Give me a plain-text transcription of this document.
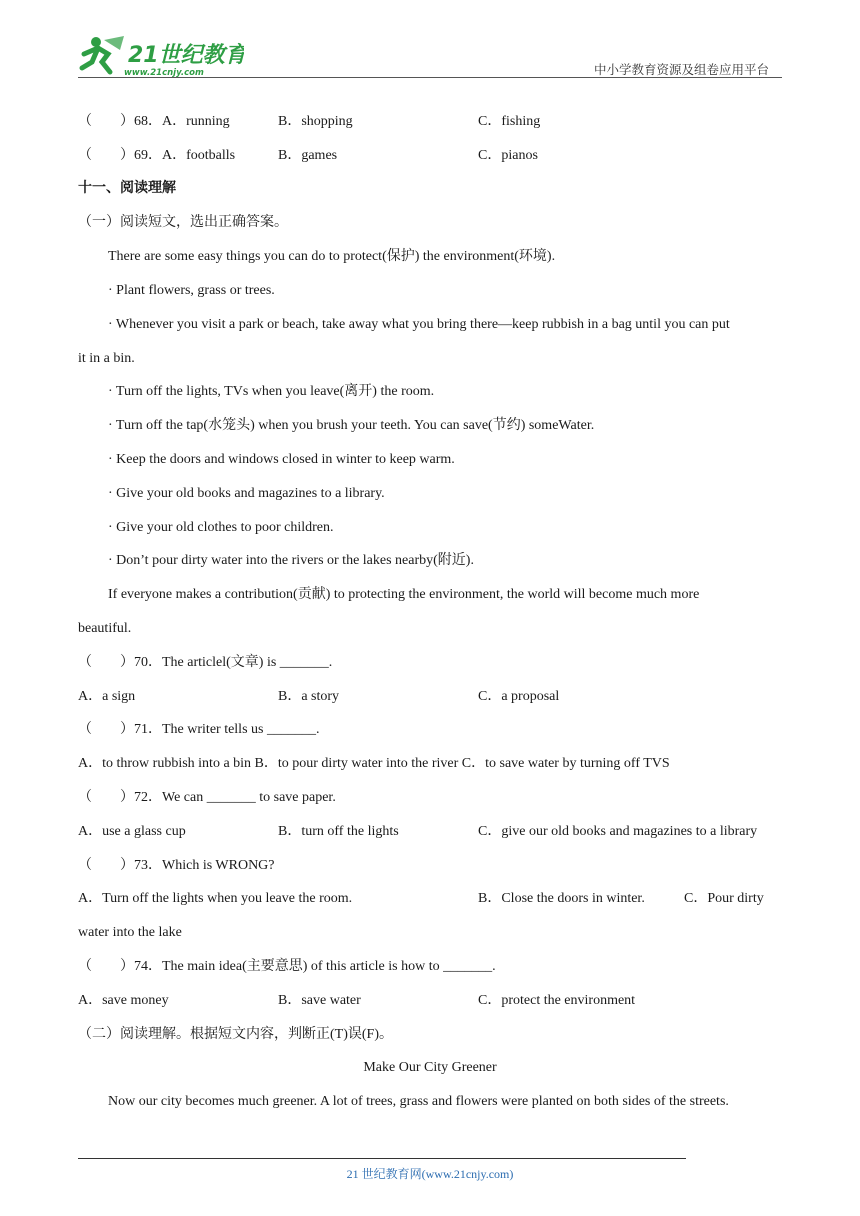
21世纪教育
www.21cnjy.com	中小学教育资源及组卷应用平台
（　　）68．A．running	B．shopping	C．fishing
（　　）69．A．footballs	B．games	C．pianos
十一、阅读理解
（一）阅读短文，选出正确答案。
There are some easy things you can do to protect(保护) the environment(环境).
· Plant flowers, grass or trees.
· Whenever you visit a park or beach, take away what you bring there—keep rubbish in a bag until you can put
it in a bin.
· Turn off the lights, TVs when you leave(离开) the room.
· Turn off the tap(水笼头) when you brush your teeth. You can save(节约) someWater.
· Keep the doors and windows closed in winter to keep warm.
· Give your old books and magazines to a library.
· Give your old clothes to poor children.
· Don’t pour dirty water into the rivers or the lakes nearby(附近).
If everyone makes a contribution(贡献) to protecting the environment, the world will become much more
beautiful.
（　　）70．The articlel(文章) is _______.
A．a sign	B．a story	C．a proposal
（　　）71．The writer tells us _______.
A．to throw rubbish into a bin B．to pour dirty water into the river C．to save water by turning off TVS
（　　）72．We can _______ to save paper.
A．use a glass cup	B．turn off the lights	C．give our old books and magazines to a library
（　　）73．Which is WRONG?
A．Turn off the lights when you leave the room.	B．Close the doors in winter.	C．Pour dirty
water into the lake
（　　）74．The main idea(主要意思) of this article is how to _______.
A．save money	B．save water	C．protect the environment
（二）阅读理解。根据短文内容，判断正(T)误(F)。
Make Our City Greener
Now our city becomes much greener. A lot of trees, grass and flowers were planted on both sides of the streets.
21 世纪教育网(www.21cnjy.com)
